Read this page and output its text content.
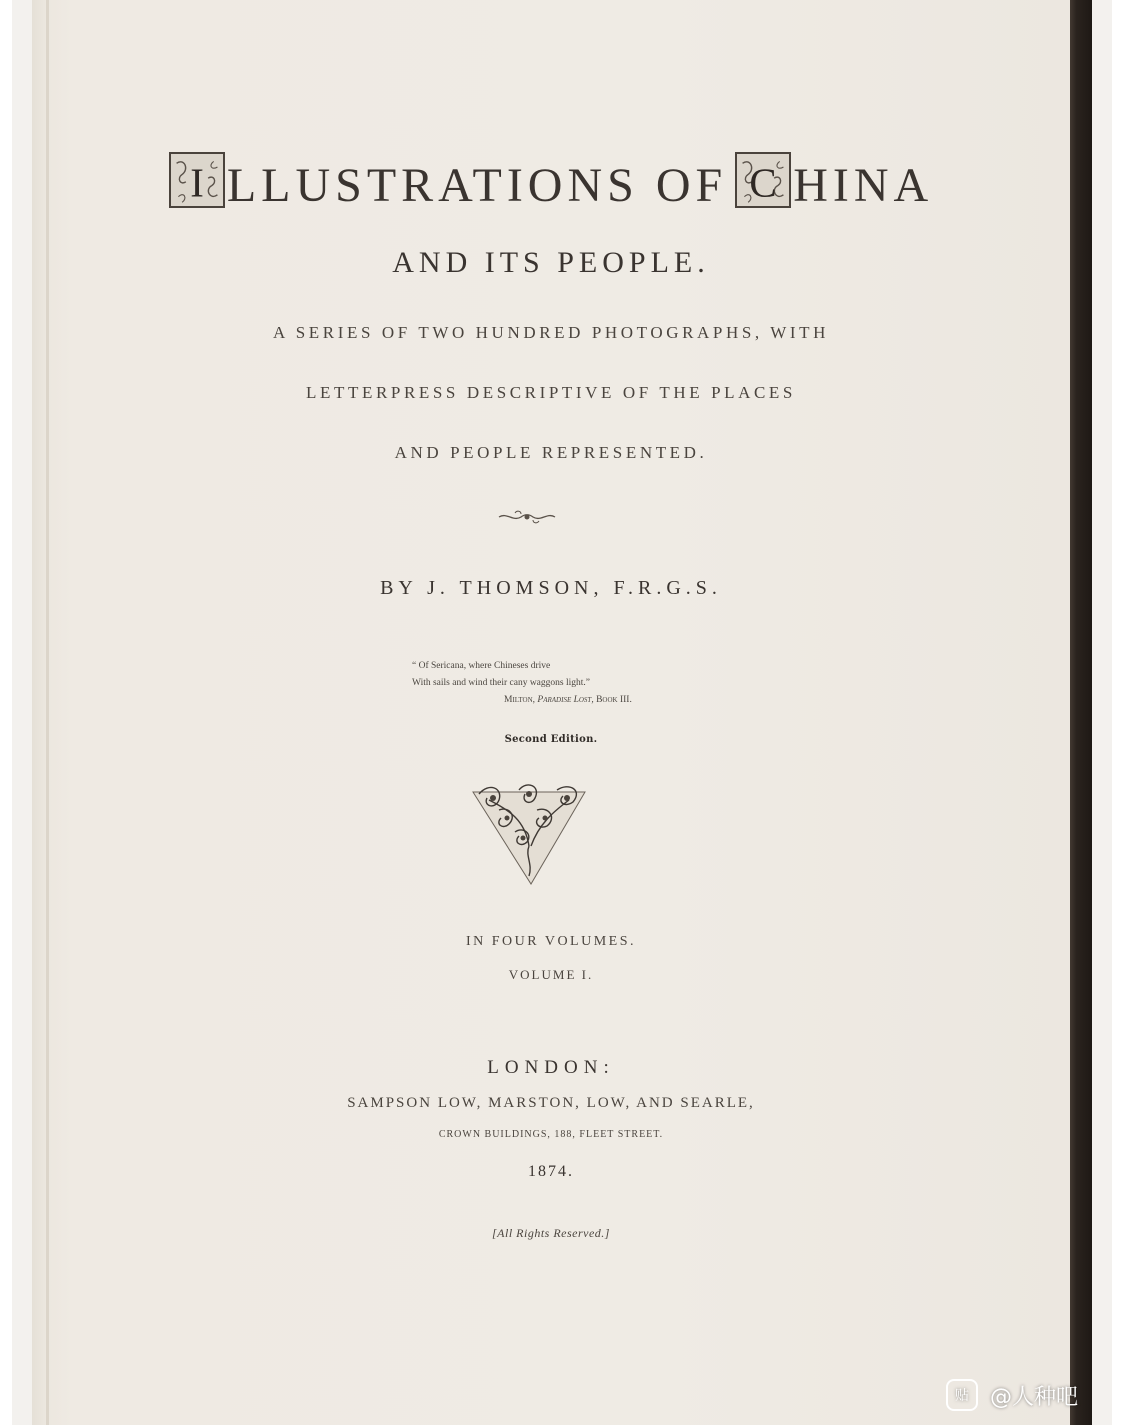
I LLUSTRATIONS OF C HINA
AND ITS PEOPLE.
A SERIES OF TWO HUNDRED PHOTOGRAPHS, WITH
LETTERPRESS DESCRIPTIVE OF THE PLACES
AND PEOPLE REPRESENTED.
BY J. THOMSON, F.R.G.S.
“ Of Sericana, where Chineses drive
With sails and wind their cany waggons light.”
Milton, Paradise Lost, Book III.
Second Edition.
IN FOUR VOLUMES.
VOLUME I.
LONDON:
SAMPSON LOW, MARSTON, LOW, AND SEARLE,
CROWN BUILDINGS, 188, FLEET STREET.
1874.
[All Rights Reserved.]
贴 @人种吧
